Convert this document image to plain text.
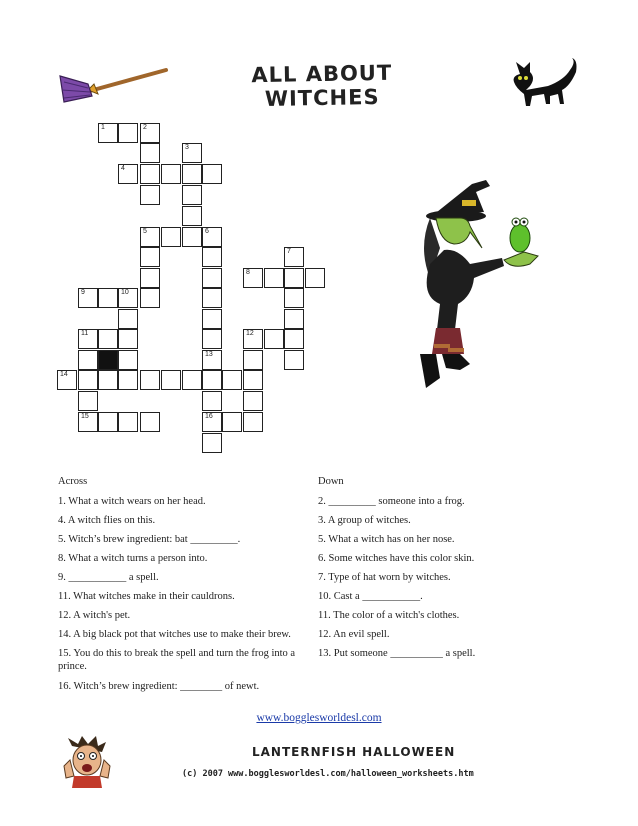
ALL ABOUT WITCHES
1	2
3
4
5	6
7
8
9	10
11	12
13
14
15	16
Across	Down
1. What a witch wears on her head.
4. A witch flies on this.
5. Witch’s brew ingredient: bat _________.
8. What a witch turns a person into.
9. ___________ a spell.
11. What witches make in their cauldrons.
12. A witch's pet.
14. A big black pot that witches use to make their brew.
15. You do this to break the spell and turn the frog into a prince.
16. Witch’s brew ingredient: ________ of newt.
2. _________ someone into a frog.
3. A group of witches.
5. What a witch has on her nose.
6. Some witches have this color skin.
7. Type of hat worn by witches.
10. Cast a ___________.
11. The color of a witch's clothes.
12. An evil spell.
13. Put someone __________ a spell.
www.bogglesworldesl.com
LANTERNFISH HALLOWEEN
(c) 2007 www.bogglesworldesl.com/halloween_worksheets.htm
